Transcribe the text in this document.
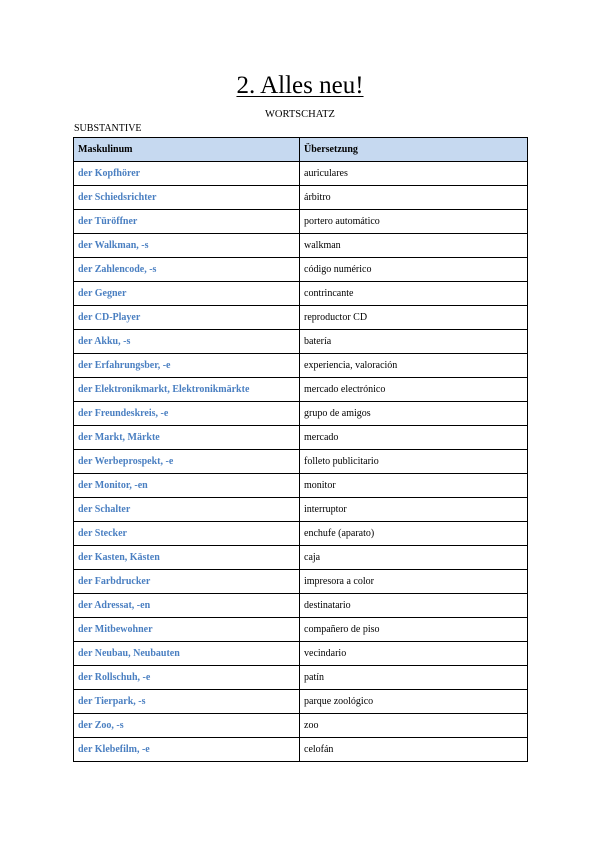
2. Alles neu!
WORTSCHATZ
SUBSTANTIVE
Maskulinum	Übersetzung
der Kopfhörer	auriculares
der Schiedsrichter	árbitro
der Türöffner	portero automático
der Walkman, -s	walkman
der Zahlencode, -s	código numérico
der Gegner	contrincante
der CD-Player	reproductor CD
der Akku, -s	batería
der Erfahrungsber, -e	experiencia, valoración
der Elektronikmarkt, Elektronikmärkte	mercado electrónico
der Freundeskreis, -e	grupo de amigos
der Markt, Märkte	mercado
der Werbeprospekt, -e	folleto publicitario
der Monitor, -en	monitor
der Schalter	interruptor
der Stecker	enchufe (aparato)
der Kasten, Kästen	caja
der Farbdrucker	impresora a color
der Adressat, -en	destinatario
der Mitbewohner	compañero de piso
der Neubau, Neubauten	vecindario
der Rollschuh, -e	patín
der Tierpark, -s	parque zoológico
der Zoo, -s	zoo
der Klebefilm, -e	celofán
